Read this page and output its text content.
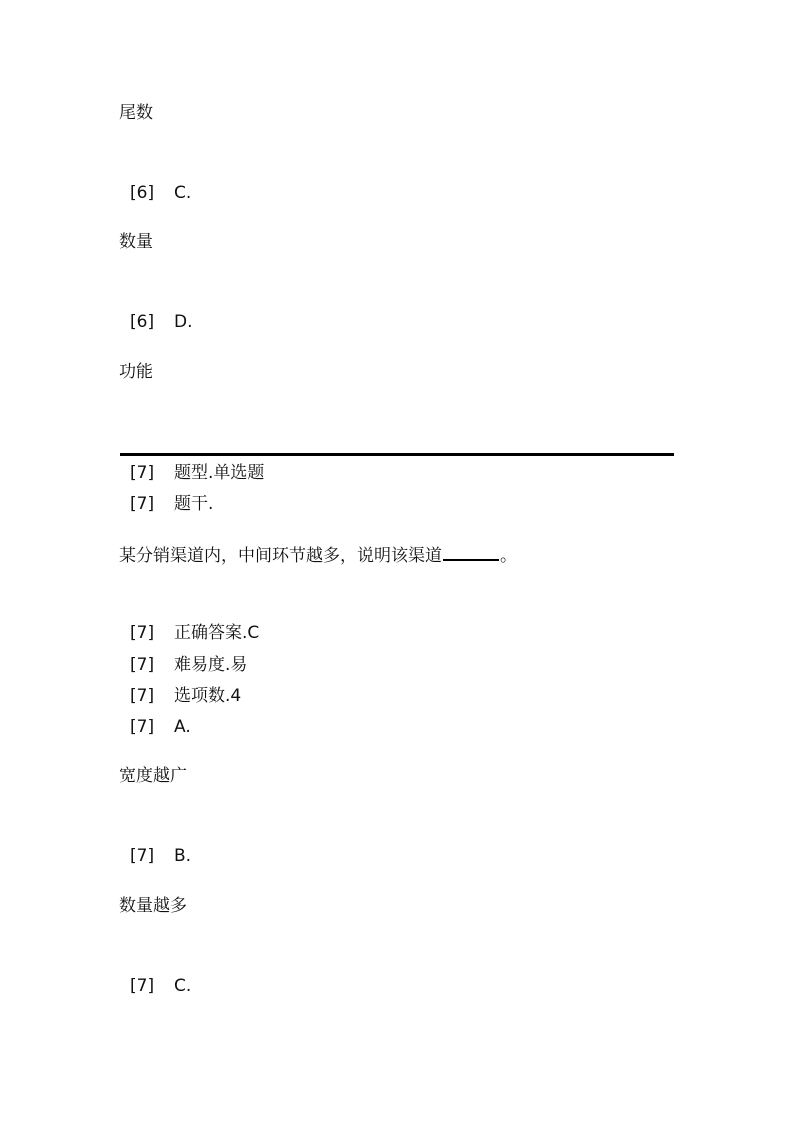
尾数
[6] C.
数量
[6] D.
功能
[7] 题型.单选题
[7] 题干.
某分销渠道内，中间环节越多，说明该渠道	。
[7] 正确答案.C
[7] 难易度.易
[7] 选项数.4
[7] A.
宽度越广
[7] B.
数量越多
[7] C.
